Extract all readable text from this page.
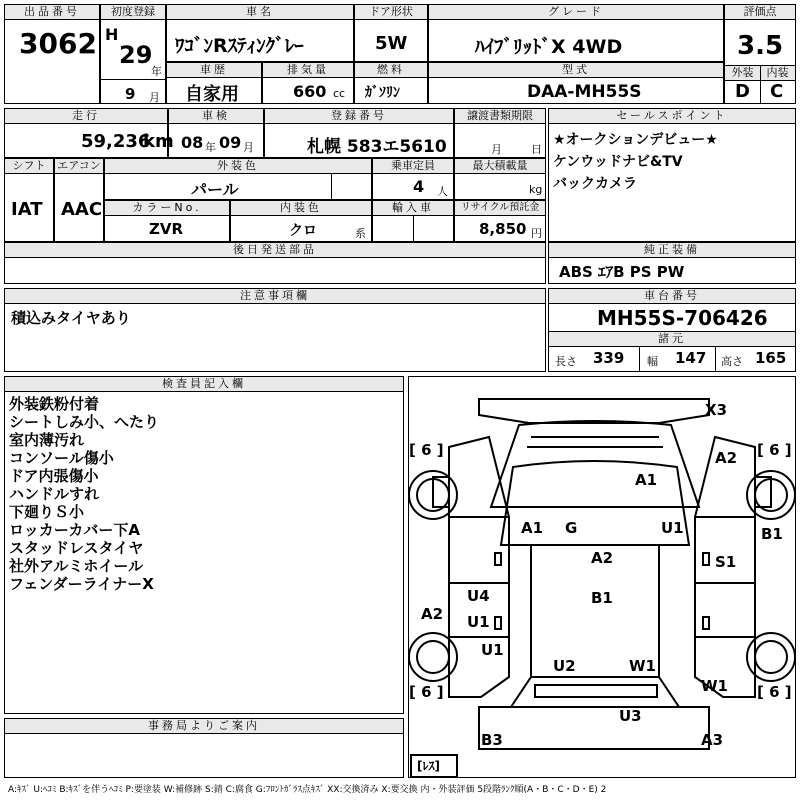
出品番号
3062
初度登録
H
29
年
9 月
車名
ﾜｺﾞﾝRｽﾃｨﾝｸﾞﾚｰ
ドア形状
5W
グレード
ﾊｲﾌﾞﾘｯﾄﾞX 4WD
評価点
3.5
外装	内装
D C
車歴
自家用
排気量
660 cc
燃料
ｶﾞｿﾘﾝ
型式
DAA-MH55S
走行
59,236
km
車検
08 年 09 月
登録番号
札幌 583エ5610
譲渡書類期限
月	日
セールスポイント
★オークションデビュー★
ケンウッドナビ&TV
バックカメラ
シフト
IAT
エアコン
AAC
外装色
パール
乗車定員
4 人
最大積載量
kg
カラーNo.
ZVR
内装色
クロ	系
輸入車	リサイクル預託金
8,850 円
後日発送部品	純正装備
ABS ｴｱB PS PW
注意事項欄
積込みタイヤあり
車台番号
MH55S-706426
諸元
長さ 339 幅 147 高さ 165
検査員記入欄
外装鉄粉付着
シートしみ小、へたり
室内薄汚れ
コンソール傷小
ドア内張傷小
ハンドルすれ
下廻りＳ小
ロッカーカバー下A
スタッドレスタイヤ
社外アルミホイール
フェンダーライナーX
事務局よりご案内
[ 6 ]	[ 6 ]
[ 6 ]	[ 6 ]
[ﾚｽ]
X3
A2
A1
A1 G	U1	B1
A2	S1
U4	B1
A2 U1
U1
U2	W1
W1
U3
B3	A3
A:ｷｽﾞ U:ﾍｺﾐ B:ｷｽﾞを伴うﾍｺﾐ P:要塗装 W:補修跡 S:錆 C:腐食 G:ﾌﾛﾝﾄｶﾞﾗｽ点ｷｽﾞ XX:交換済み X:要交換 内・外装評価 5段階ﾗﾝｸ順(A・B・C・D・E) 2
